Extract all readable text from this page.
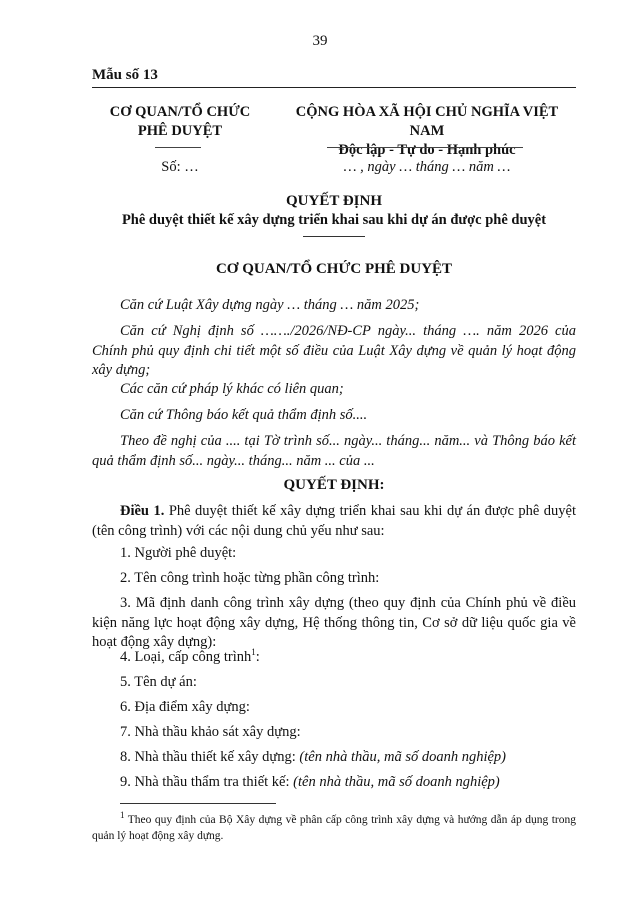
39
Mẫu số 13
CƠ QUAN/TỔ CHỨC
PHÊ DUYỆT
CỘNG HÒA XÃ HỘI CHỦ NGHĨA VIỆT NAM
Độc lập - Tự do - Hạnh phúc
Số: …	… , ngày … tháng … năm …
QUYẾT ĐỊNH
Phê duyệt thiết kế xây dựng triển khai sau khi dự án được phê duyệt
CƠ QUAN/TỔ CHỨC PHÊ DUYỆT
Căn cứ Luật Xây dựng ngày … tháng … năm 2025;
Căn cứ Nghị định số ……./2026/NĐ-CP ngày... tháng …. năm 2026 của Chính phủ quy định chi tiết một số điều của Luật Xây dựng về quản lý hoạt động xây dựng;
Các căn cứ pháp lý khác có liên quan;
Căn cứ Thông báo kết quả thẩm định số....
Theo đề nghị của .... tại Tờ trình số... ngày... tháng... năm... và Thông báo kết quả thẩm định số... ngày... tháng... năm ... của ...
QUYẾT ĐỊNH:
Điều 1. Phê duyệt thiết kế xây dựng triển khai sau khi dự án được phê duyệt (tên công trình) với các nội dung chủ yếu như sau:
1. Người phê duyệt:
2. Tên công trình hoặc từng phần công trình:
3. Mã định danh công trình xây dựng (theo quy định của Chính phủ về điều kiện năng lực hoạt động xây dựng, Hệ thống thông tin, Cơ sở dữ liệu quốc gia về hoạt động xây dựng):
4. Loại, cấp công trình$^1$:
5. Tên dự án:
6. Địa điểm xây dựng:
7. Nhà thầu khảo sát xây dựng:
8. Nhà thầu thiết kế xây dựng: (tên nhà thầu, mã số doanh nghiệp)
9. Nhà thầu thẩm tra thiết kế: (tên nhà thầu, mã số doanh nghiệp)
$^1$ Theo quy định của Bộ Xây dựng về phân cấp công trình xây dựng và hướng dẫn áp dụng trong quản lý hoạt động xây dựng.
